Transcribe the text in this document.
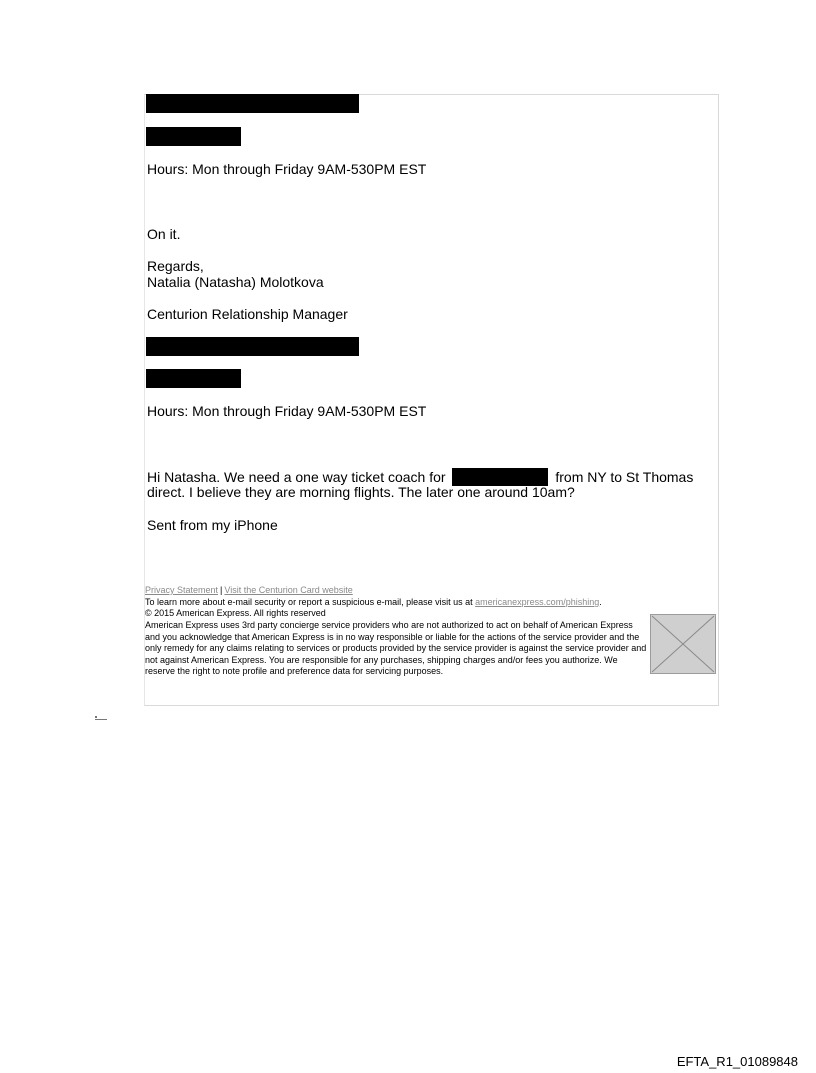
Hours: Mon through Friday 9AM-530PM EST
On it.
Regards,
Natalia (Natasha) Molotkova
Centurion Relationship Manager
Hours: Mon through Friday 9AM-530PM EST
Hi Natasha. We need a one way ticket coach for	from NY to St Thomas
direct. I believe they are morning flights. The later one around 10am?
Sent from my iPhone
Privacy Statement | Visit the Centurion Card website
To learn more about e-mail security or report a suspicious e-mail, please visit us at americanexpress.com/phishing.
© 2015 American Express. All rights reserved
American Express uses 3rd party concierge service providers who are not authorized to act on behalf of American Express and you acknowledge that American Express is in no way responsible or liable for the actions of the service provider and the only remedy for any claims relating to services or products provided by the service provider is against the service provider and not against American Express. You are responsible for any purchases, shipping charges and/or fees you authorize. We reserve the right to note profile and preference data for servicing purposes.
EFTA_R1_01089848
